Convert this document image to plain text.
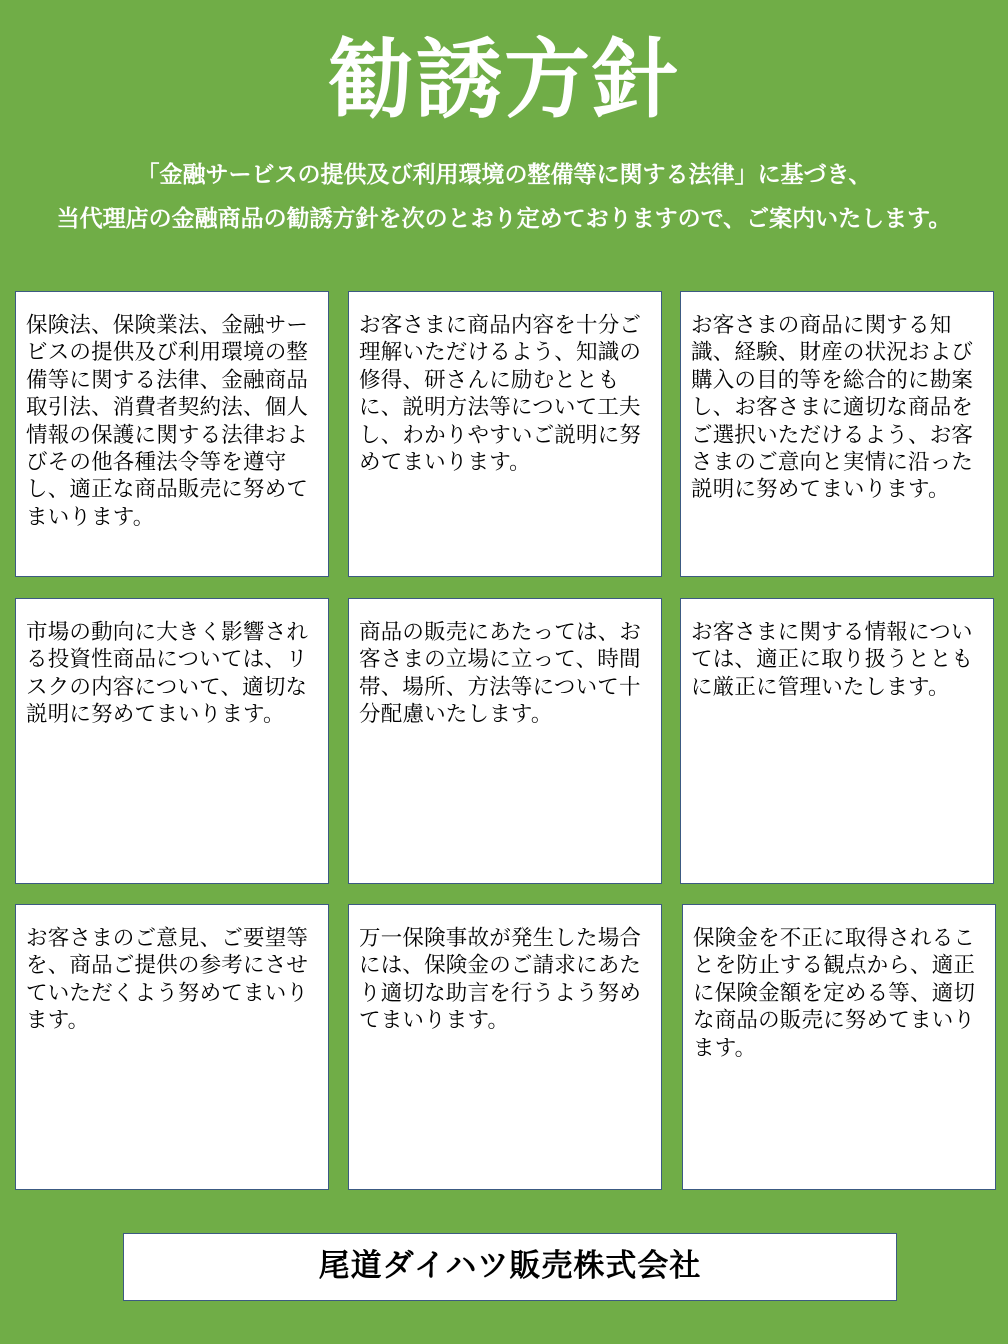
勧誘方針
「金融サービスの提供及び利用環境の整備等に関する法律」に基づき、
当代理店の金融商品の勧誘方針を次のとおり定めておりますので、ご案内いたします。
保険法、保険業法、金融サービスの提供及び利用環境の整備等に関する法律、金融商品取引法、消費者契約法、個人情報の保護に関する法律およびその他各種法令等を遵守し、適正な商品販売に努めてまいります。
お客さまに商品内容を十分ご理解いただけるよう、知識の修得、研さんに励むとともに、説明方法等について工夫し、わかりやすいご説明に努めてまいります。
お客さまの商品に関する知識、経験、財産の状況および購入の目的等を総合的に勘案し、お客さまに適切な商品をご選択いただけるよう、お客さまのご意向と実情に沿った説明に努めてまいります。
市場の動向に大きく影響される投資性商品については、リスクの内容について、適切な説明に努めてまいります。
商品の販売にあたっては、お客さまの立場に立って、時間帯、場所、方法等について十分配慮いたします。
お客さまに関する情報については、適正に取り扱うとともに厳正に管理いたします。
お客さまのご意見、ご要望等を、商品ご提供の参考にさせていただくよう努めてまいります。
万一保険事故が発生した場合には、保険金のご請求にあたり適切な助言を行うよう努めてまいります。
保険金を不正に取得されることを防止する観点から、適正に保険金額を定める等、適切な商品の販売に努めてまいります。
尾道ダイハツ販売株式会社
